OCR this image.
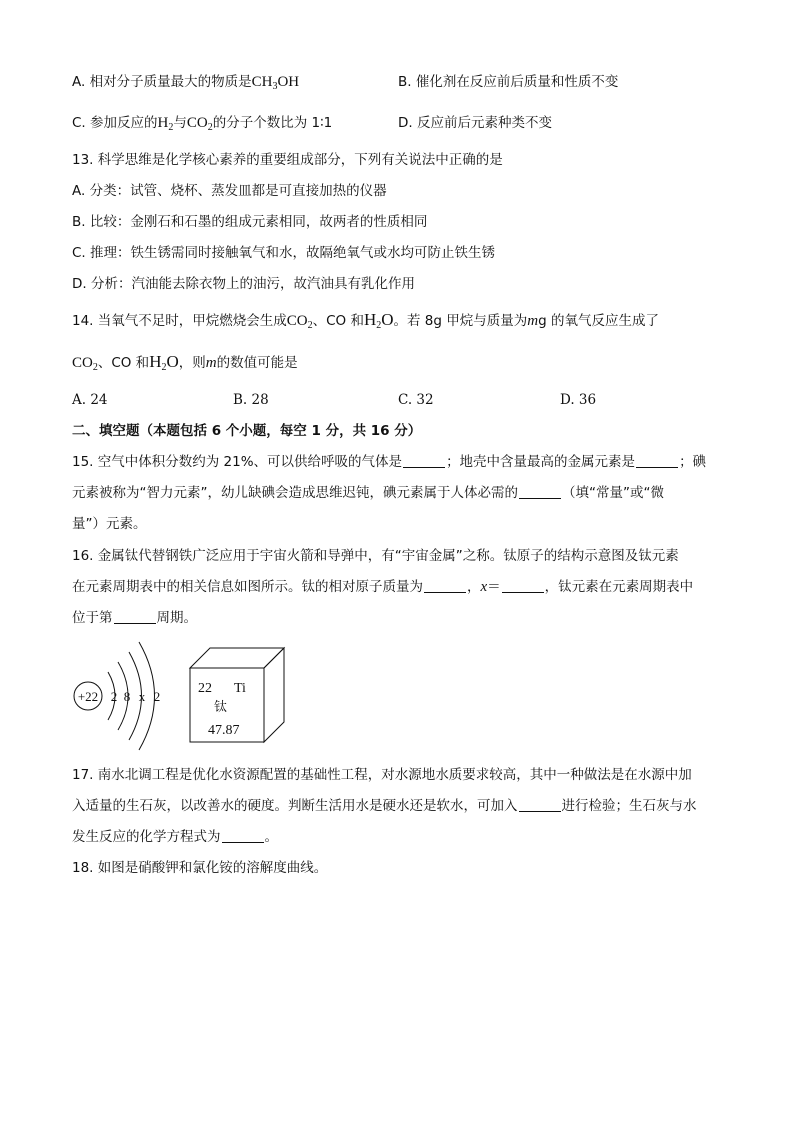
A. 相对分子质量最大的物质是$CH_3OH$	B. 催化剂在反应前后质量和性质不变
C. 参加反应的$H_2$与$CO_2$的分子个数比为 1∶1	D. 反应前后元素种类不变
13. 科学思维是化学核心素养的重要组成部分，下列有关说法中正确的是
A. 分类：试管、烧杯、蒸发皿都是可直接加热的仪器
B. 比较：金刚石和石墨的组成元素相同，故两者的性质相同
C. 推理：铁生锈需同时接触氧气和水，故隔绝氧气或水均可防止铁生锈
D. 分析：汽油能去除衣物上的油污，故汽油具有乳化作用
14. 当氧气不足时，甲烷燃烧会生成$CO_2$、CO 和$H_2O$。若 8g 甲烷与质量为mg 的氧气反应生成了
$CO_2$、CO 和$H_2O$，则m的数值可能是
A. 24	B. 28	C. 32	D. 36
二、填空题（本题包括 6 个小题，每空 1 分，共 16 分）
15. 空气中体积分数约为 21%、可以供给呼吸的气体是	；地壳中含量最高的金属元素是	；碘
元素被称为“智力元素”，幼儿缺碘会造成思维迟钝，碘元素属于人体必需的	（填“常量”或“微
量”）元素。
16. 金属钛代替钢铁广泛应用于宇宙火箭和导弹中，有“宇宙金属”之称。钛原子的结构示意图及钛元素
在元素周期表中的相关信息如图所示。钛的相对原子质量为	，x＝	，钛元素在元素周期表中
位于第	周期。
+22 2 8 x 2
22 Ti
钛
47.87
17. 南水北调工程是优化水资源配置的基础性工程，对水源地水质要求较高，其中一种做法是在水源中加
入适量的生石灰，以改善水的硬度。判断生活用水是硬水还是软水，可加入	进行检验；生石灰与水
发生反应的化学方程式为	。
18. 如图是硝酸钾和氯化铵的溶解度曲线。
